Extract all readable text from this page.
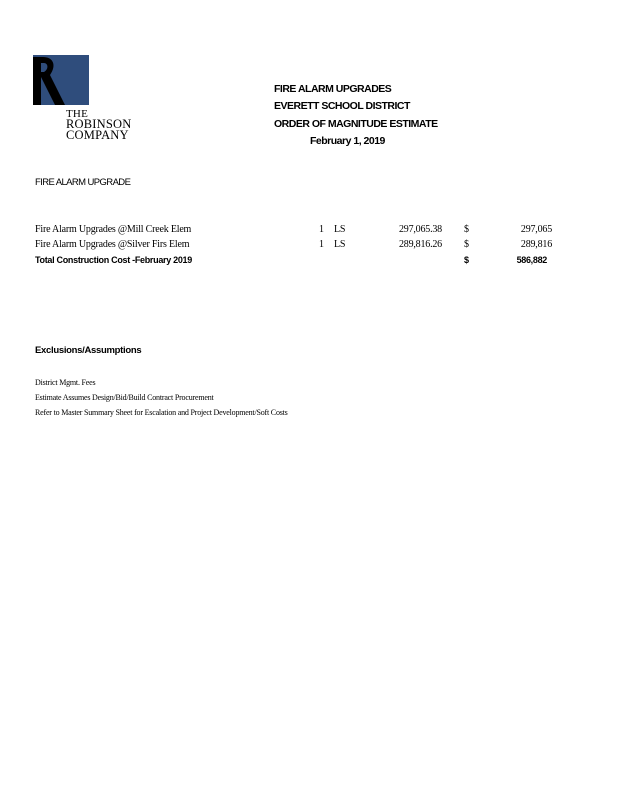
THE
ROBINSON
COMPANY
FIRE ALARM UPGRADES
EVERETT SCHOOL DISTRICT
ORDER OF MAGNITUDE ESTIMATE
February 1, 2019
FIRE ALARM UPGRADE
Fire Alarm Upgrades @Mill Creek Elem	1 LS	297,065.38 $	297,065
Fire Alarm Upgrades @Silver Firs Elem	1 LS	289,816.26 $	289,816
Total Construction Cost -February 2019	$	586,882
Exclusions/Assumptions
District Mgmt. Fees
Estimate Assumes Design/Bid/Build Contract Procurement
Refer to Master Summary Sheet for Escalation and Project Development/Soft Costs
